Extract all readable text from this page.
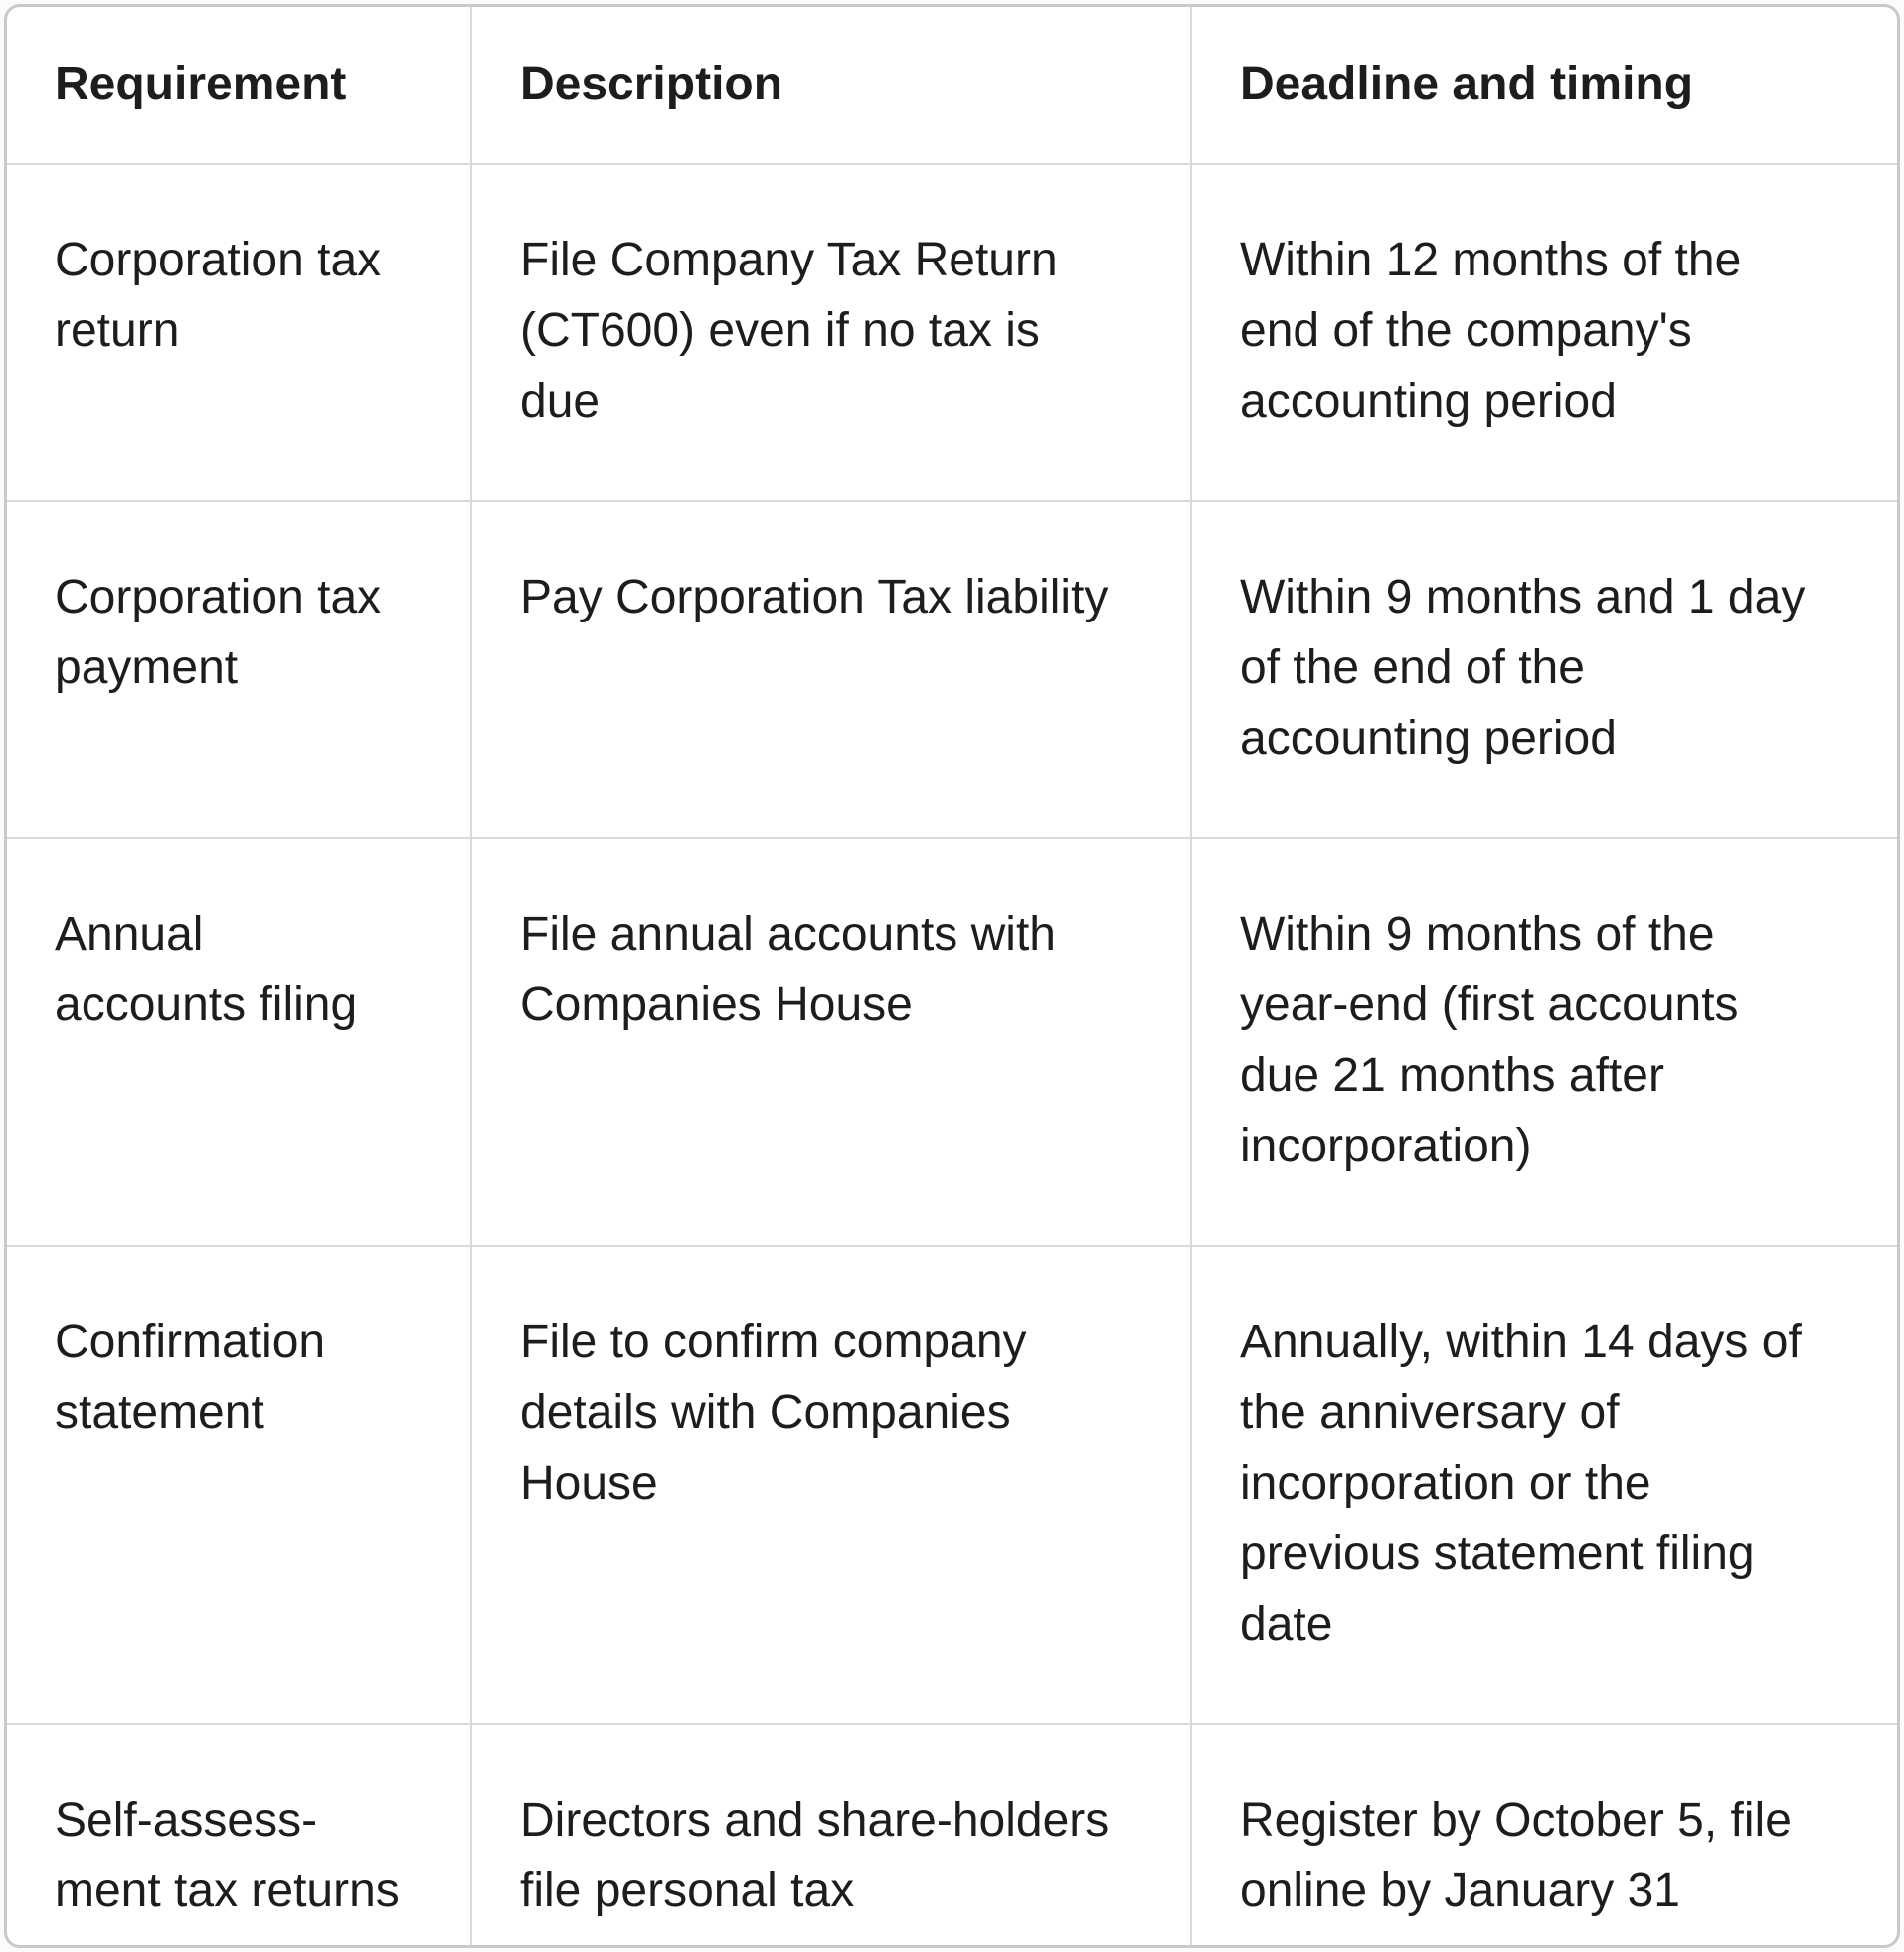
Requirement	Description	Deadline and timing
Corporation tax return	File Company Tax Return (CT600) even if no tax is due	Within 12 months of the end of the company's accounting period
Corporation tax payment	Pay Corporation Tax liability	Within 9 months and 1 day of the end of the accounting period
Annual accounts filing	File annual accounts with Companies House	Within 9 months of the year-end (first accounts due 21 months after incorporation)
Confirmation statement	File to confirm company details with Companies House	Annually, within 14 days of the anniversary of incorporation or the previous statement filing date
Self-assess-ment tax returns	Directors and share-holders file personal tax	Register by October 5, file online by January 31
